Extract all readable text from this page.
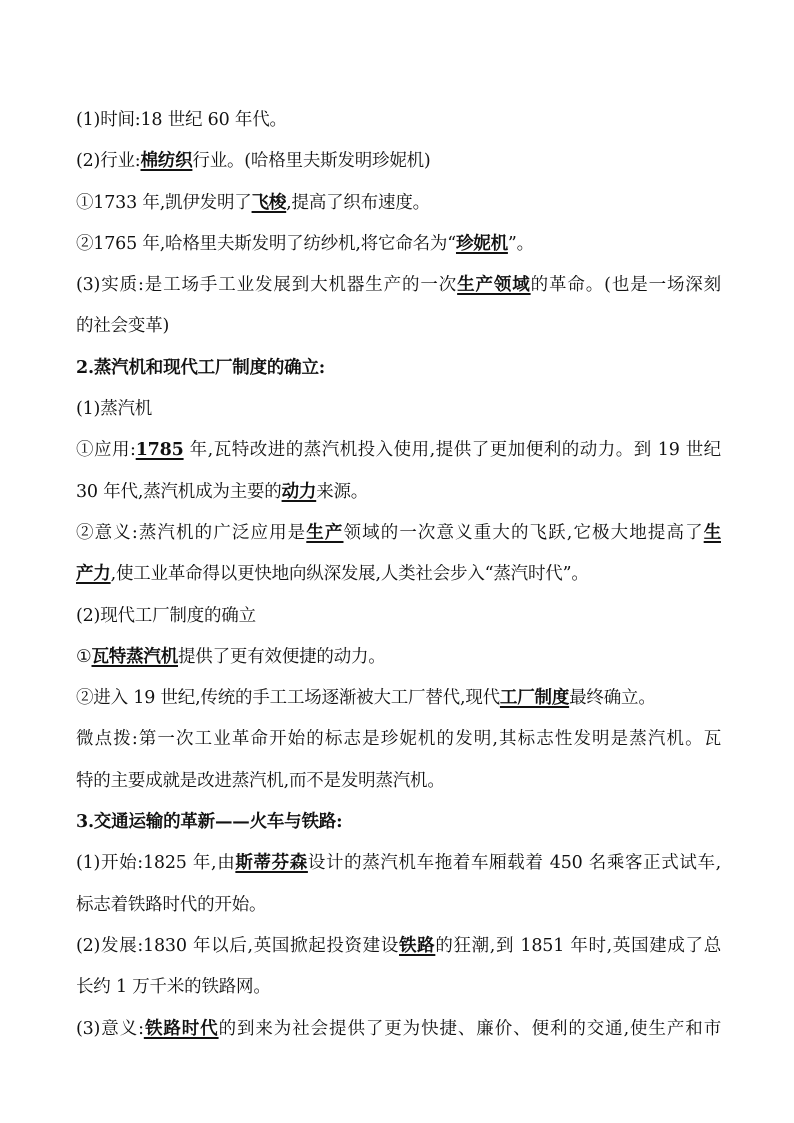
(1)时间:18 世纪 60 年代。
(2)行业:棉纺织行业。(哈格里夫斯发明珍妮机)
①1733 年,凯伊发明了飞梭,提高了织布速度。
②1765 年,哈格里夫斯发明了纺纱机,将它命名为“珍妮机”。
(3)实质:是工场手工业发展到大机器生产的一次生产领域的革命。(也是一场深刻
的社会变革)
2.蒸汽机和现代工厂制度的确立:
(1)蒸汽机
①应用:1785 年,瓦特改进的蒸汽机投入使用,提供了更加便利的动力。到 19 世纪
30 年代,蒸汽机成为主要的动力来源。
②意义:蒸汽机的广泛应用是生产领域的一次意义重大的飞跃,它极大地提高了生
产力,使工业革命得以更快地向纵深发展,人类社会步入“蒸汽时代”。
(2)现代工厂制度的确立
①瓦特蒸汽机提供了更有效便捷的动力。
②进入 19 世纪,传统的手工工场逐渐被大工厂替代,现代工厂制度最终确立。
微点拨:第一次工业革命开始的标志是珍妮机的发明,其标志性发明是蒸汽机。瓦
特的主要成就是改进蒸汽机,而不是发明蒸汽机。
3.交通运输的革新——火车与铁路:
(1)开始:1825 年,由斯蒂芬森设计的蒸汽机车拖着车厢载着 450 名乘客正式试车,
标志着铁路时代的开始。
(2)发展:1830 年以后,英国掀起投资建设铁路的狂潮,到 1851 年时,英国建成了总
长约 1 万千米的铁路网。
(3)意义:铁路时代的到来为社会提供了更为快捷、廉价、便利的交通,使生产和市
